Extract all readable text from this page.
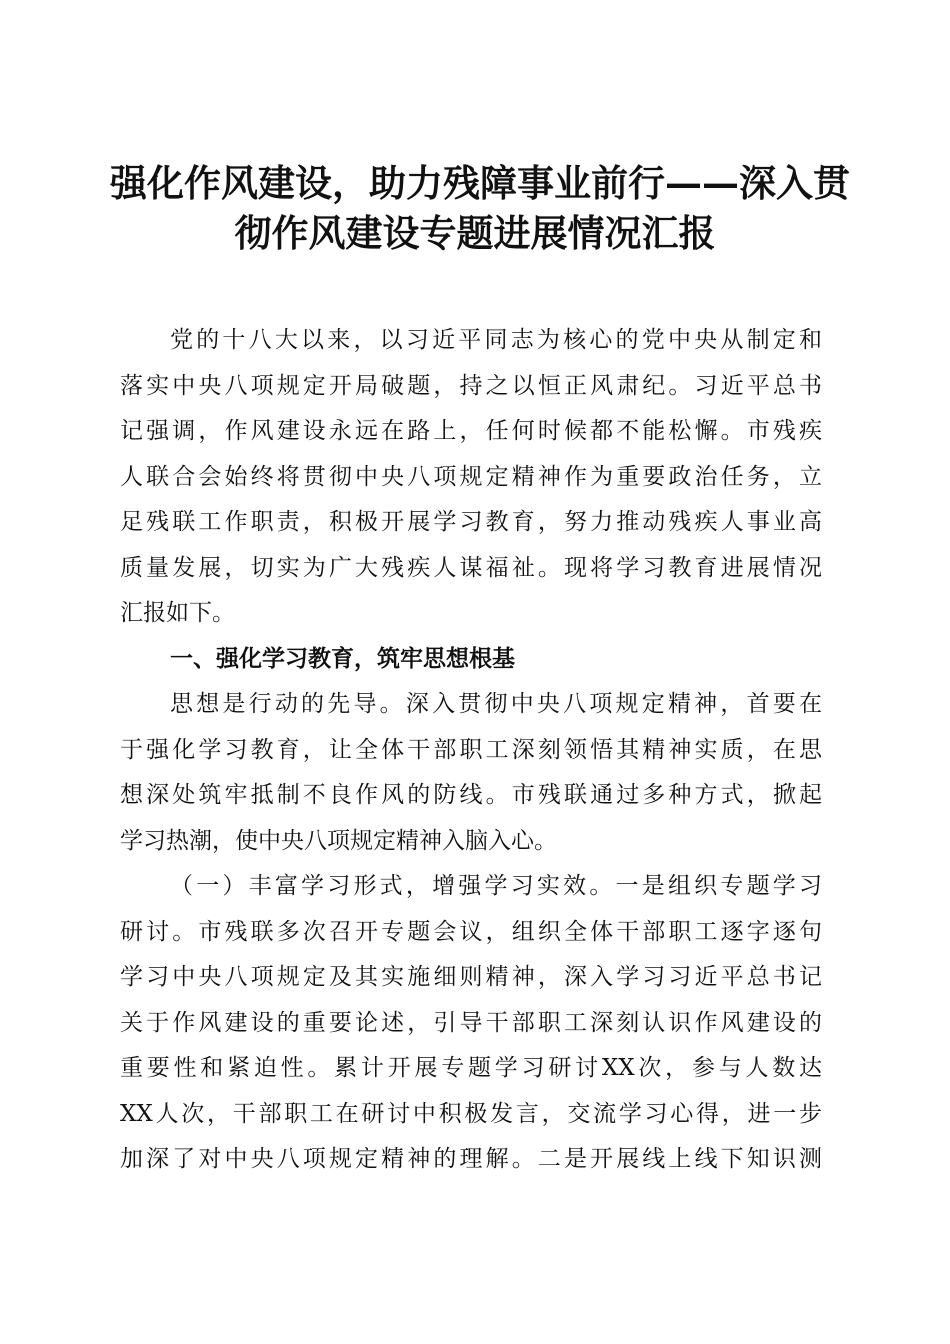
强化作风建设，助力残障事业前行——深入贯
彻作风建设专题进展情况汇报
党的十八大以来，以习近平同志为核心的党中央从制定和
落实中央八项规定开局破题，持之以恒正风肃纪。习近平总书
记强调，作风建设永远在路上，任何时候都不能松懈。市残疾
人联合会始终将贯彻中央八项规定精神作为重要政治任务，立
足残联工作职责，积极开展学习教育，努力推动残疾人事业高
质量发展，切实为广大残疾人谋福祉。现将学习教育进展情况
汇报如下。
一、强化学习教育，筑牢思想根基
思想是行动的先导。深入贯彻中央八项规定精神，首要在
于强化学习教育，让全体干部职工深刻领悟其精神实质，在思
想深处筑牢抵制不良作风的防线。市残联通过多种方式，掀起
学习热潮，使中央八项规定精神入脑入心。
（一）丰富学习形式，增强学习实效。一是组织专题学习
研讨。市残联多次召开专题会议，组织全体干部职工逐字逐句
学习中央八项规定及其实施细则精神，深入学习习近平总书记
关于作风建设的重要论述，引导干部职工深刻认识作风建设的
重要性和紧迫性。累计开展专题学习研讨XX次，参与人数达
XX人次，干部职工在研讨中积极发言，交流学习心得，进一步
加深了对中央八项规定精神的理解。二是开展线上线下知识测
